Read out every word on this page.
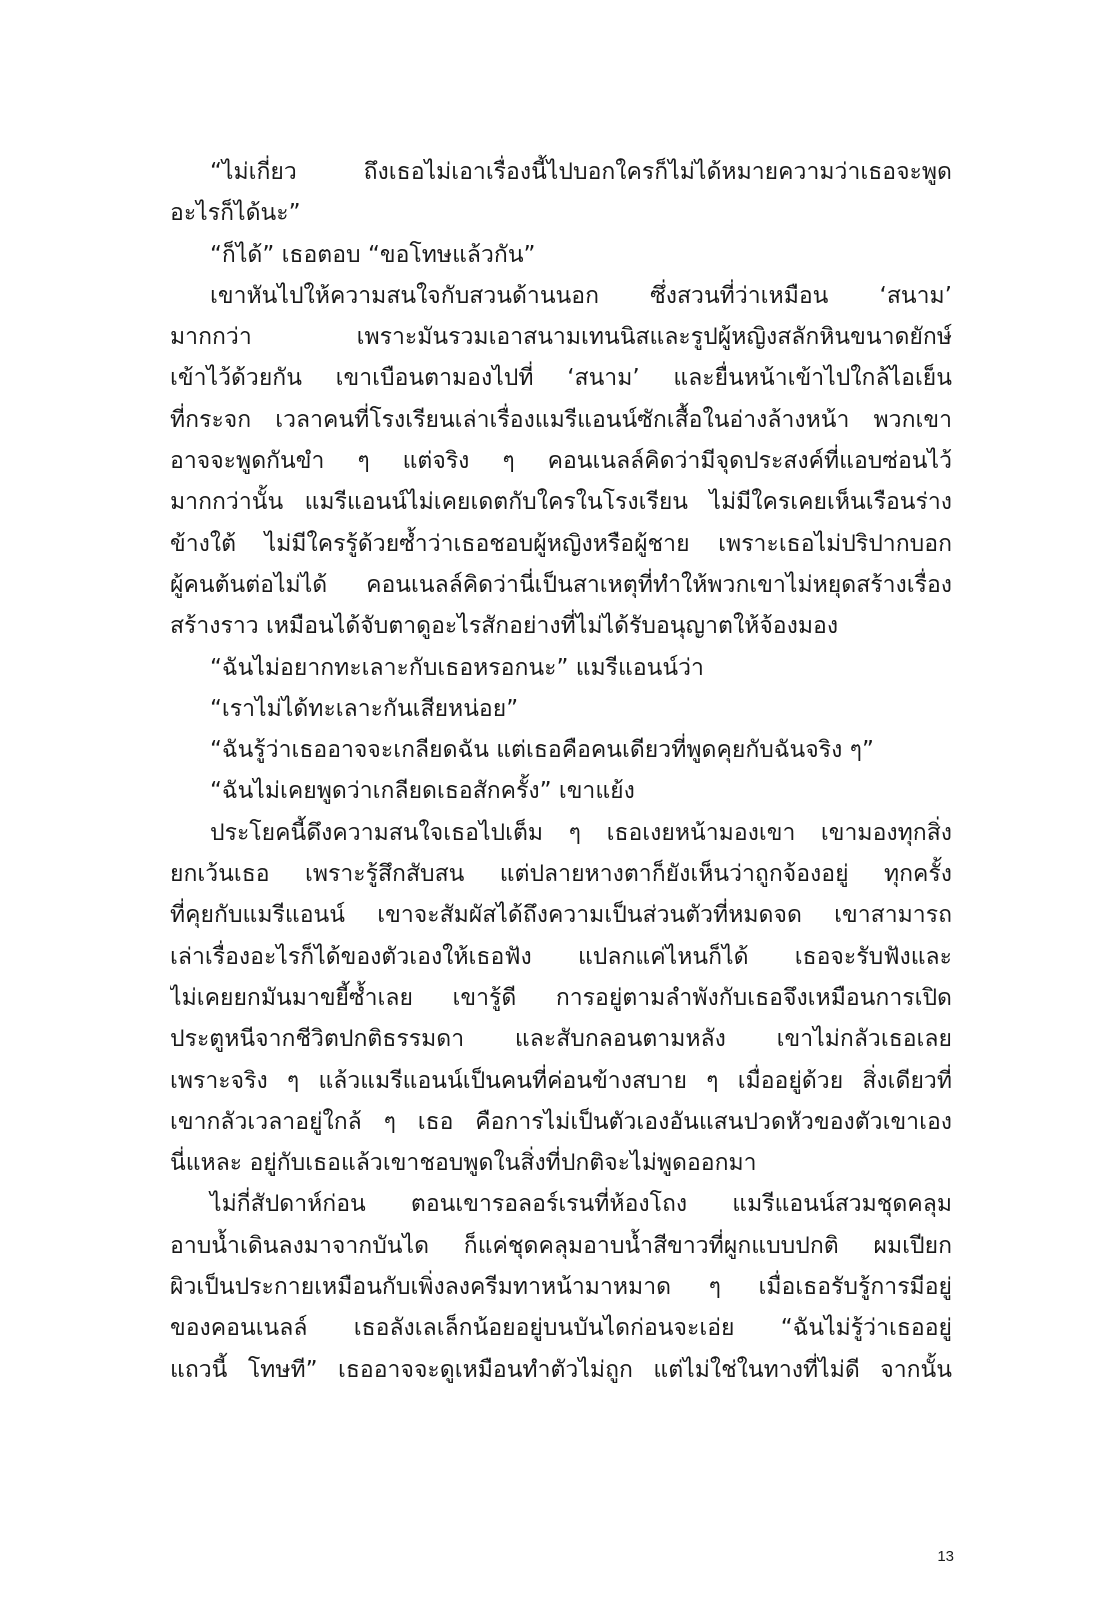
“ไม่เกี่ยว ถึงเธอไม่เอาเรื่องนี้ไปบอกใครก็ไม่ได้หมายความว่าเธอจะพูด
อะไรก็ได้นะ”
“ก็ได้” เธอตอบ “ขอโทษแล้วกัน”
เขาหันไปให้ความสนใจกับสวนด้านนอก ซึ่งสวนที่ว่าเหมือน ‘สนาม’
มากกว่า เพราะมันรวมเอาสนามเทนนิสและรูปผู้หญิงสลักหินขนาดยักษ์
เข้าไว้ด้วยกัน เขาเบือนตามองไปที่ ‘สนาม’ และยื่นหน้าเข้าไปใกล้ไอเย็น
ที่กระจก เวลาคนที่โรงเรียนเล่าเรื่องแมรีแอนน์ซักเสื้อในอ่างล้างหน้า พวกเขา
อาจจะพูดกันขำ ๆ แต่จริง ๆ คอนเนลล์คิดว่ามีจุดประสงค์ที่แอบซ่อนไว้
มากกว่านั้น แมรีแอนน์ไม่เคยเดตกับใครในโรงเรียน ไม่มีใครเคยเห็นเรือนร่าง
ข้างใต้ ไม่มีใครรู้ด้วยซ้ำว่าเธอชอบผู้หญิงหรือผู้ชาย เพราะเธอไม่ปริปากบอก
ผู้คนต้นต่อไม่ได้ คอนเนลล์คิดว่านี่เป็นสาเหตุที่ทำให้พวกเขาไม่หยุดสร้างเรื่อง
สร้างราว เหมือนได้จับตาดูอะไรสักอย่างที่ไม่ได้รับอนุญาตให้จ้องมอง
“ฉันไม่อยากทะเลาะกับเธอหรอกนะ” แมรีแอนน์ว่า
“เราไม่ได้ทะเลาะกันเสียหน่อย”
“ฉันรู้ว่าเธออาจจะเกลียดฉัน แต่เธอคือคนเดียวที่พูดคุยกับฉันจริง ๆ”
“ฉันไม่เคยพูดว่าเกลียดเธอสักครั้ง” เขาแย้ง
ประโยคนี้ดึงความสนใจเธอไปเต็ม ๆ เธอเงยหน้ามองเขา เขามองทุกสิ่ง
ยกเว้นเธอ เพราะรู้สึกสับสน แต่ปลายหางตาก็ยังเห็นว่าถูกจ้องอยู่ ทุกครั้ง
ที่คุยกับแมรีแอนน์ เขาจะสัมผัสได้ถึงความเป็นส่วนตัวที่หมดจด เขาสามารถ
เล่าเรื่องอะไรก็ได้ของตัวเองให้เธอฟัง แปลกแค่ไหนก็ได้ เธอจะรับฟังและ
ไม่เคยยกมันมาขยี้ซ้ำเลย เขารู้ดี การอยู่ตามลำพังกับเธอจึงเหมือนการเปิด
ประตูหนีจากชีวิตปกติธรรมดา และสับกลอนตามหลัง เขาไม่กลัวเธอเลย
เพราะจริง ๆ แล้วแมรีแอนน์เป็นคนที่ค่อนข้างสบาย ๆ เมื่ออยู่ด้วย สิ่งเดียวที่
เขากลัวเวลาอยู่ใกล้ ๆ เธอ คือการไม่เป็นตัวเองอันแสนปวดหัวของตัวเขาเอง
นี่แหละ อยู่กับเธอแล้วเขาชอบพูดในสิ่งที่ปกติจะไม่พูดออกมา
ไม่กี่สัปดาห์ก่อน ตอนเขารอลอร์เรนที่ห้องโถง แมรีแอนน์สวมชุดคลุม
อาบน้ำเดินลงมาจากบันได ก็แค่ชุดคลุมอาบน้ำสีขาวที่ผูกแบบปกติ ผมเปียก
ผิวเป็นประกายเหมือนกับเพิ่งลงครีมทาหน้ามาหมาด ๆ เมื่อเธอรับรู้การมีอยู่
ของคอนเนลล์ เธอลังเลเล็กน้อยอยู่บนบันไดก่อนจะเอ่ย “ฉันไม่รู้ว่าเธออยู่
แถวนี้ โทษที” เธออาจจะดูเหมือนทำตัวไม่ถูก แต่ไม่ใช่ในทางที่ไม่ดี จากนั้น
13
